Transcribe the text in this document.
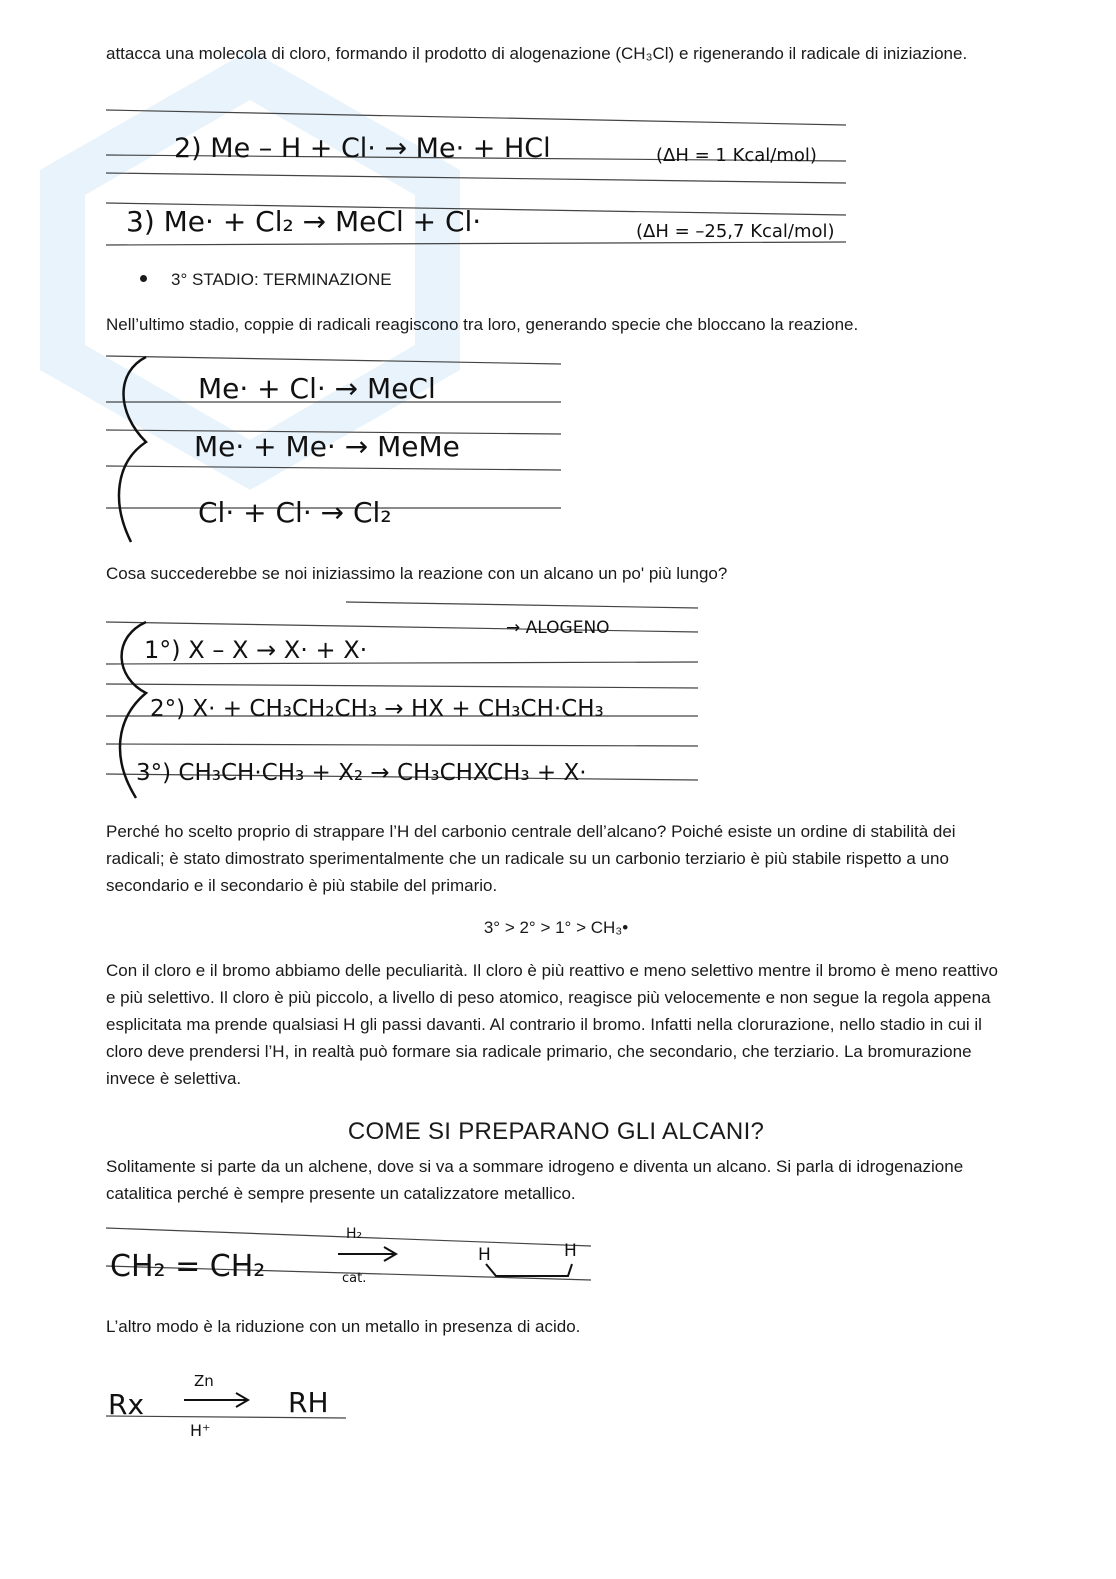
attacca una molecola di cloro, formando il prodotto di alogenazione (CH₃Cl) e rigenerando il radicale di iniziazione.

2) Me – H + Cl· → Me· + HCl	(ΔH = 1 Kcal/mol)
3) Me· + Cl₂ → MeCl + Cl·	(ΔH = –25,7 Kcal/mol)
3° STADIO: TERMINAZIONE

Nell’ultimo stadio, coppie di radicali reagiscono tra loro, generando specie che bloccano la reazione.

Me· + Cl· → MeCl
Me· + Me· → MeMe
Cl· + Cl· → Cl₂

Cosa succederebbe se noi iniziassimo la reazione con un alcano un po' più lungo?

→ ALOGENO
1°) X – X → X· + X·
2°) X· + CH₃CH₂CH₃ → HX + CH₃CH·CH₃
3°) CH₃CH·CH₃ + X₂ → CH₃CHXCH₃ + X·

Perché ho scelto proprio di strappare l’H del carbonio centrale dell’alcano? Poiché esiste un ordine di stabilità dei radicali; è stato dimostrato sperimentalmente che un radicale su un carbonio terziario è più stabile rispetto a uno secondario e il secondario è più stabile del primario.

3° > 2° > 1° > CH₃•

Con il cloro e il bromo abbiamo delle peculiarità. Il cloro è più reattivo e meno selettivo mentre il bromo è meno reattivo e più selettivo. Il cloro è più piccolo, a livello di peso atomico, reagisce più velocemente e non segue la regola appena esplicitata ma prende qualsiasi H gli passi davanti. Al contrario il bromo. Infatti nella clorurazione, nello stadio in cui il cloro deve prendersi l’H, in realtà può formare sia radicale primario, che secondario, che terziario. La bromurazione invece è selettiva.

COME SI PREPARANO GLI ALCANI?

Solitamente si parte da un alchene, dove si va a sommare idrogeno e diventa un alcano. Si parla di idrogenazione catalitica perché è sempre presente un catalizzatore metallico.

CH₂ = CH₂
H₂
cat.
H	H

L’altro modo è la riduzione con un metallo in presenza di acido.

Rx
Zn
H⁺
RH
